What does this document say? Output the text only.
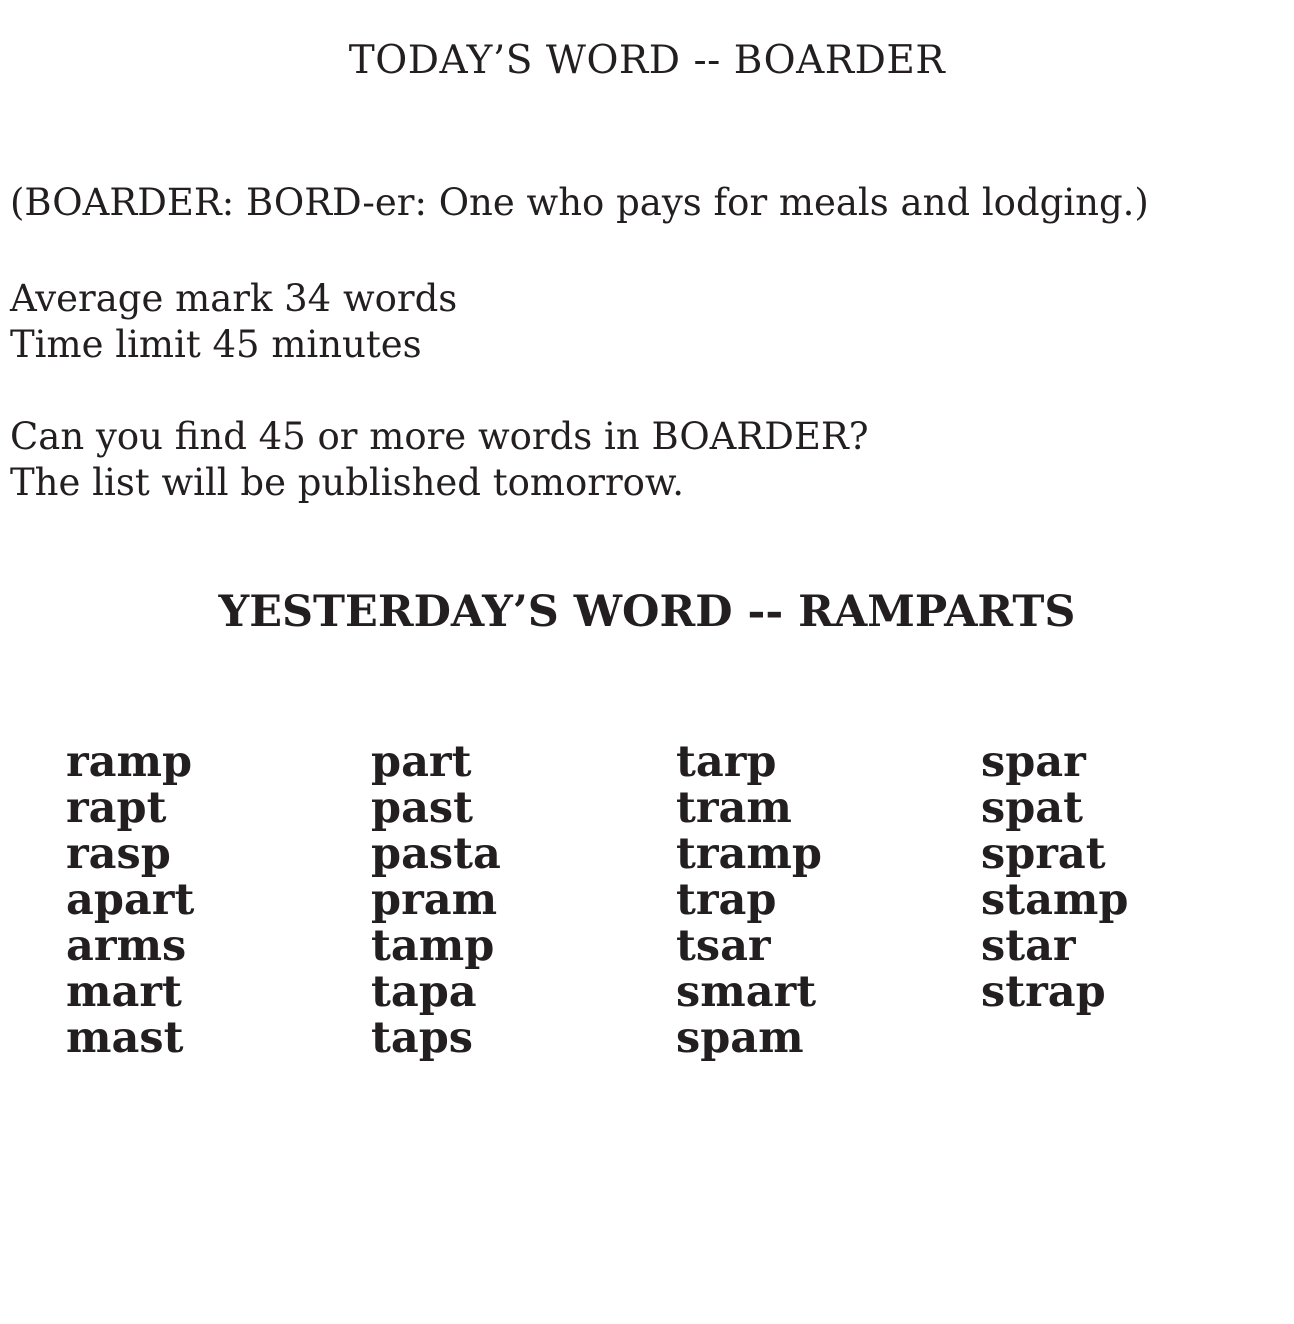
TODAY’S WORD -- BOARDER
(BOARDER: BORD-er: One who pays for meals and lodging.)
Average mark 34 words
Time limit 45 minutes
Can you find 45 or more words in BOARDER?
The list will be published tomorrow.
YESTERDAY’S WORD -- RAMPARTS
ramp
rapt
rasp
apart
arms
mart
mast
part
past
pasta
pram
tamp
tapa
taps
tarp
tram
tramp
trap
tsar
smart
spam
spar
spat
sprat
stamp
star
strap
